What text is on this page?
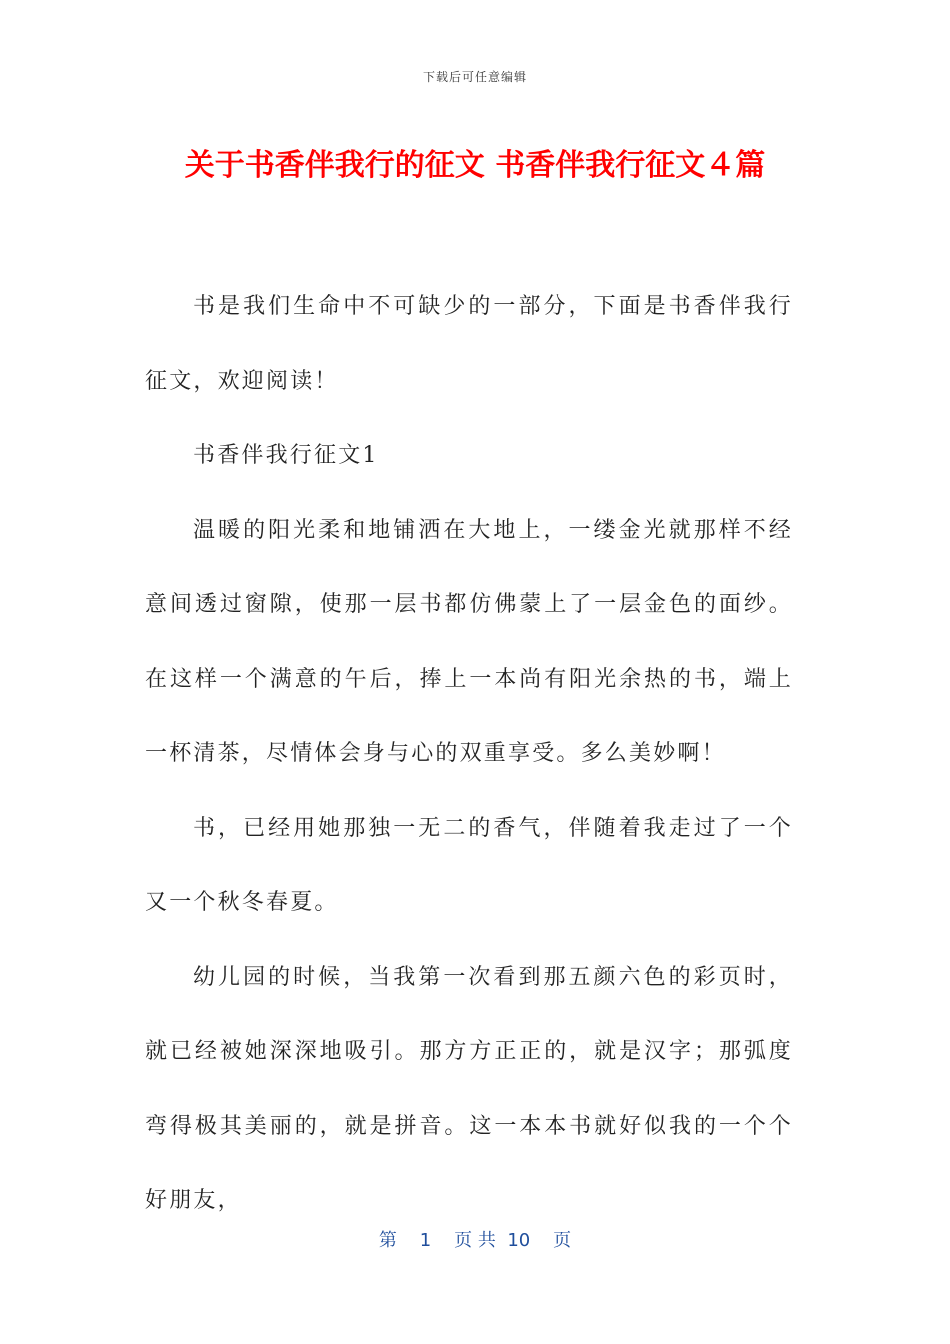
下载后可任意编辑
关于书香伴我行的征文 书香伴我行征文４篇

书是我们生命中不可缺少的一部分，下面是书香伴我行征文，欢迎阅读！

书香伴我行征文1

温暖的阳光柔和地铺洒在大地上，一缕金光就那样不经意间透过窗隙，使那一层书都仿佛蒙上了一层金色的面纱。在这样一个满意的午后，捧上一本尚有阳光余热的书，端上一杯清茶，尽情体会身与心的双重享受。多么美妙啊！

书，已经用她那独一无二的香气，伴随着我走过了一个又一个秋冬春夏。

幼儿园的时候，当我第一次看到那五颜六色的彩页时，就已经被她深深地吸引。那方方正正的，就是汉字；那弧度弯得极其美丽的，就是拼音。这一本本书就好似我的一个个好朋友，

第 1 页 共 10 页
